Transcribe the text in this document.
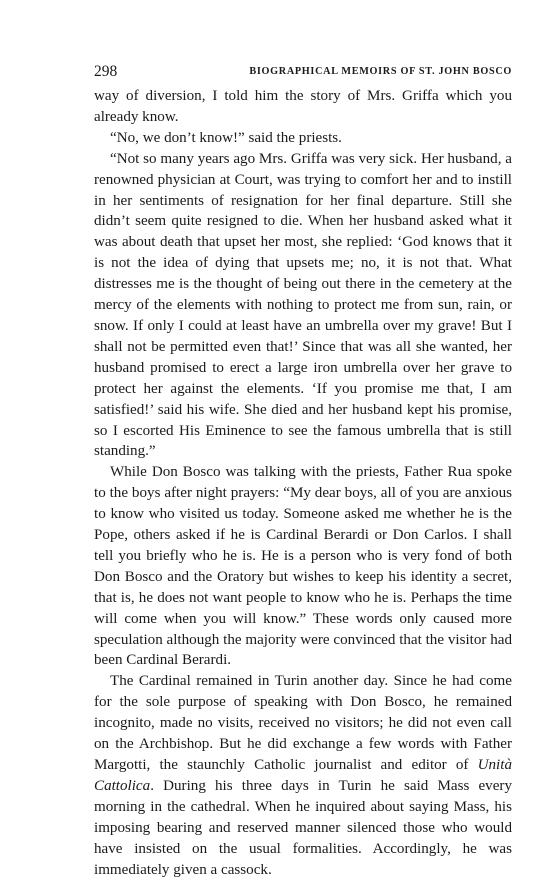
298	BIOGRAPHICAL MEMOIRS OF ST. JOHN BOSCO

way of diversion, I told him the story of Mrs. Griffa which you already know.

“No, we don’t know!” said the priests.

“Not so many years ago Mrs. Griffa was very sick. Her husband, a renowned physician at Court, was trying to comfort her and to instill in her sentiments of resignation for her final departure. Still she didn’t seem quite resigned to die. When her husband asked what it was about death that upset her most, she replied: ‘God knows that it is not the idea of dying that upsets me; no, it is not that. What distresses me is the thought of being out there in the cemetery at the mercy of the elements with nothing to protect me from sun, rain, or snow. If only I could at least have an umbrella over my grave! But I shall not be permitted even that!’ Since that was all she wanted, her husband promised to erect a large iron umbrella over her grave to protect her against the elements. ‘If you promise me that, I am satisfied!’ said his wife. She died and her husband kept his promise, so I escorted His Eminence to see the famous umbrella that is still standing.”

While Don Bosco was talking with the priests, Father Rua spoke to the boys after night prayers: “My dear boys, all of you are anxious to know who visited us today. Someone asked me whether he is the Pope, others asked if he is Cardinal Berardi or Don Carlos. I shall tell you briefly who he is. He is a person who is very fond of both Don Bosco and the Oratory but wishes to keep his identity a secret, that is, he does not want people to know who he is. Perhaps the time will come when you will know.” These words only caused more speculation although the majority were convinced that the visitor had been Cardinal Berardi.

The Cardinal remained in Turin another day. Since he had come for the sole purpose of speaking with Don Bosco, he remained incognito, made no visits, received no visitors; he did not even call on the Archbishop. But he did exchange a few words with Father Margotti, the staunchly Catholic journalist and editor of Unità Cattolica. During his three days in Turin he said Mass every morning in the cathedral. When he inquired about saying Mass, his imposing bearing and reserved manner silenced those who would have insisted on the usual formalities. Accordingly, he was immediately given a cassock.
